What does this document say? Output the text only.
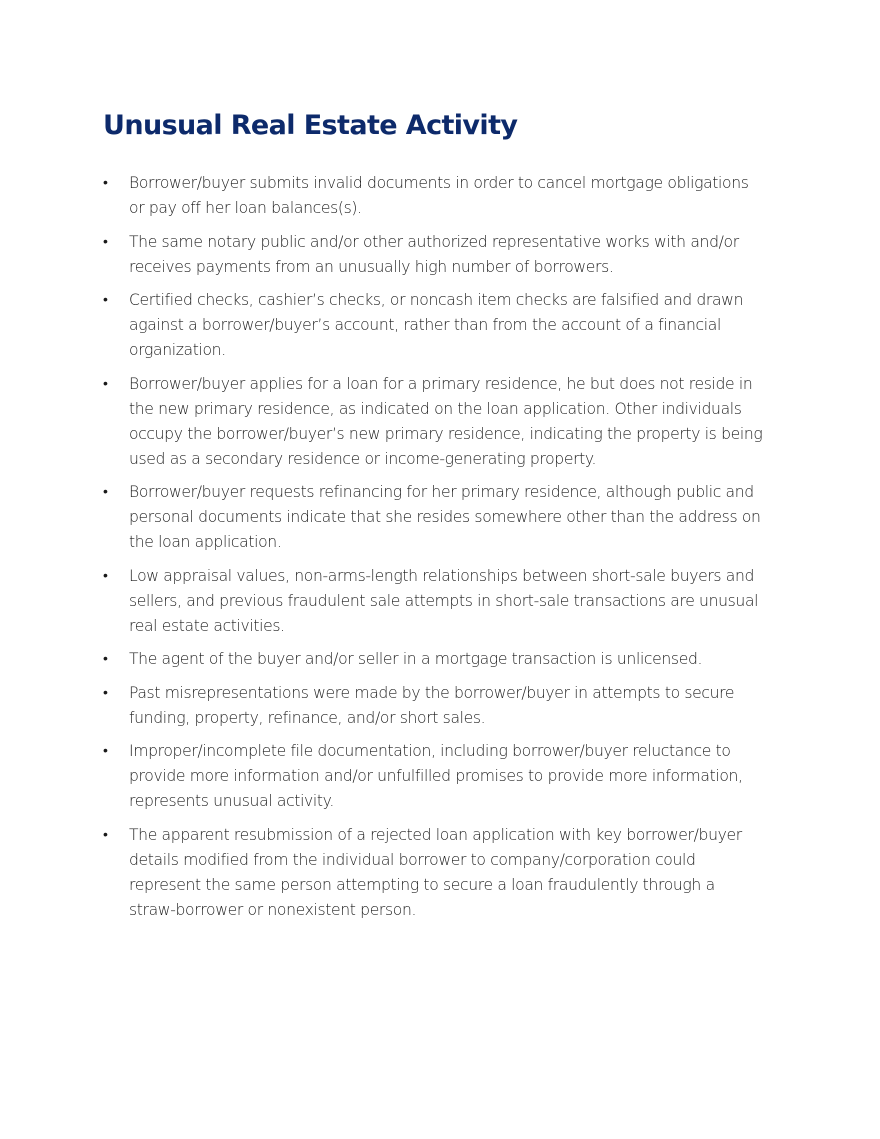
Unusual Real Estate Activity
•	Borrower/buyer submits invalid documents in order to cancel mortgage obligations or pay off her loan balances(s).
•	The same notary public and/or other authorized representative works with and/or receives payments from an unusually high number of borrowers.
•	Certified checks, cashier’s checks, or noncash item checks are falsified and drawn against a borrower/buyer’s account, rather than from the account of a financial organization.
•	Borrower/buyer applies for a loan for a primary residence, he but does not reside in the new primary residence, as indicated on the loan application. Other individuals occupy the borrower/buyer’s new primary residence, indicating the property is being used as a secondary residence or income-generating property.
•	Borrower/buyer requests refinancing for her primary residence, although public and personal documents indicate that she resides somewhere other than the address on the loan application.
•	Low appraisal values, non-arms-length relationships between short-sale buyers and sellers, and previous fraudulent sale attempts in short-sale transactions are unusual real estate activities.
•	The agent of the buyer and/or seller in a mortgage transaction is unlicensed.
•	Past misrepresentations were made by the borrower/buyer in attempts to secure funding, property, refinance, and/or short sales.
•	Improper/incomplete file documentation, including borrower/buyer reluctance to provide more information and/or unfulfilled promises to provide more information, represents unusual activity.
•	The apparent resubmission of a rejected loan application with key borrower/buyer details modified from the individual borrower to company/corporation could represent the same person attempting to secure a loan fraudulently through a straw-borrower or nonexistent person.
